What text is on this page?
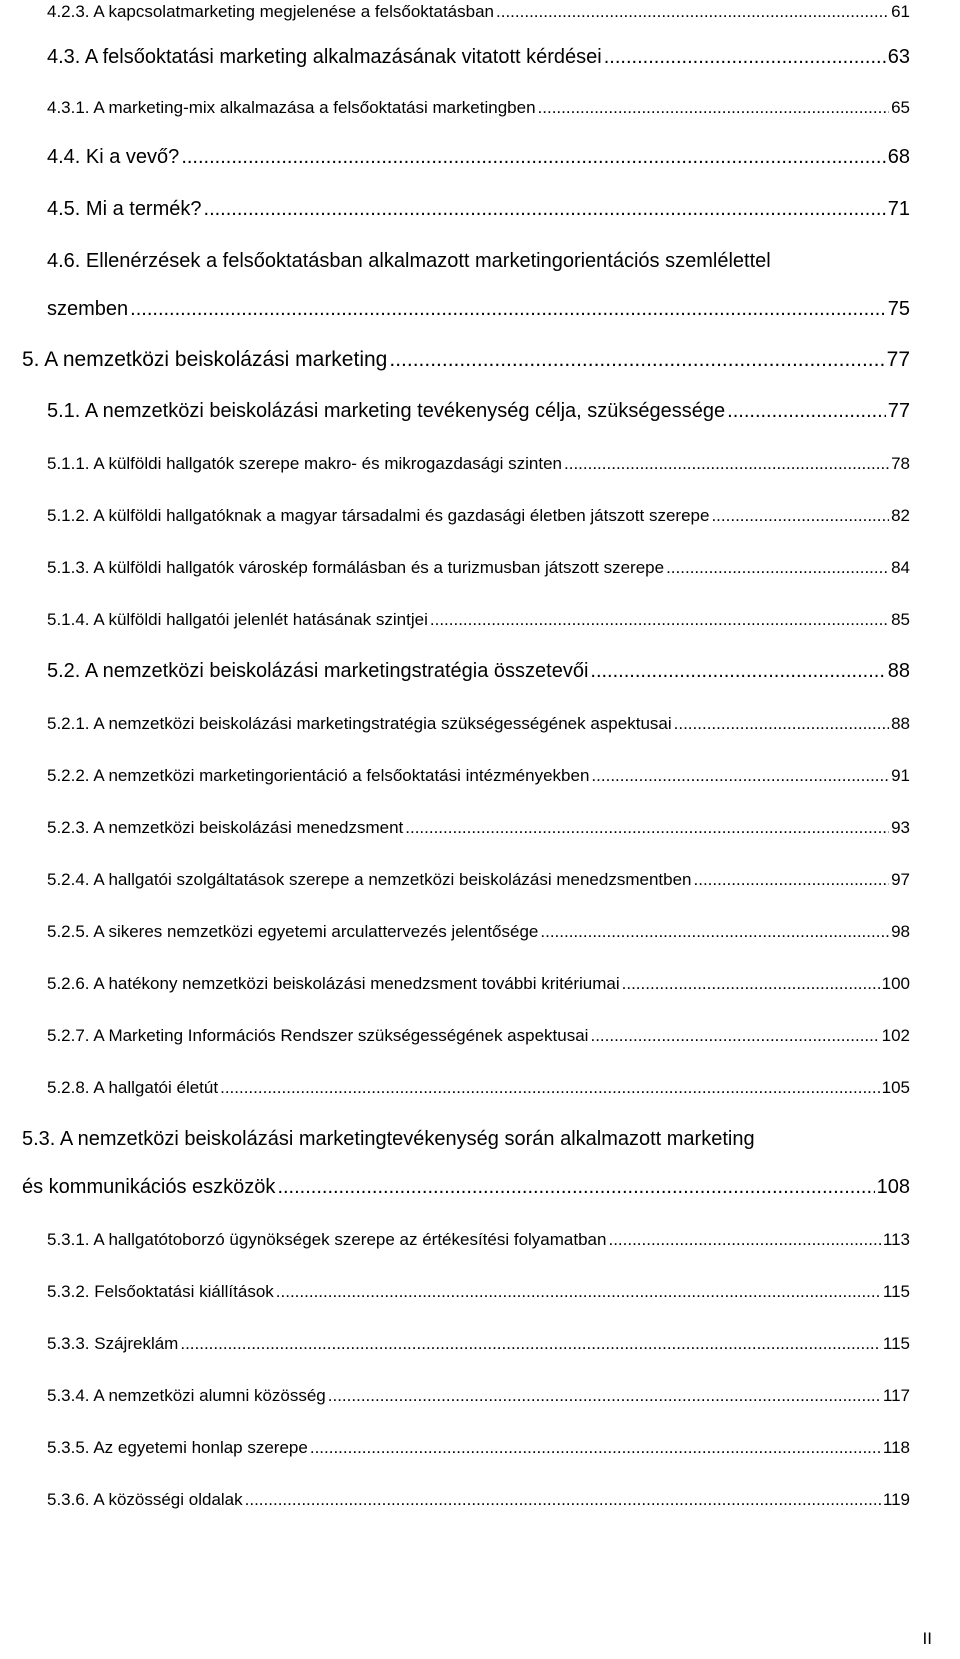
4.2.3. A kapcsolatmarketing megjelenése a felsőoktatásban .....	61
4.3. A felsőoktatási marketing alkalmazásának vitatott kérdései .....	63
4.3.1. A marketing-mix alkalmazása a felsőoktatási marketingben .....	65
4.4. Ki a vevő? .....	68
4.5. Mi a termék? .....	71
4.6. Ellenérzések a felsőoktatásban alkalmazott marketingorientációs szemlélettel
szemben .....	75
5. A nemzetközi beiskolázási marketing .....	77
5.1. A nemzetközi beiskolázási marketing tevékenység célja, szükségessége .....	77
5.1.1. A külföldi hallgatók szerepe makro- és mikrogazdasági szinten .....	78
5.1.2. A külföldi hallgatóknak a magyar társadalmi és gazdasági életben játszott szerepe .....	82
5.1.3. A külföldi hallgatók városkép formálásban és a turizmusban játszott szerepe .....	84
5.1.4. A külföldi hallgatói jelenlét hatásának szintjei .....	85
5.2. A nemzetközi beiskolázási marketingstratégia összetevői .....	88
5.2.1. A nemzetközi beiskolázási marketingstratégia szükségességének aspektusai .....	88
5.2.2. A nemzetközi marketingorientáció a felsőoktatási intézményekben .....	91
5.2.3. A nemzetközi beiskolázási menedzsment .....	93
5.2.4. A hallgatói szolgáltatások szerepe a nemzetközi beiskolázási menedzsmentben .....	97
5.2.5. A sikeres nemzetközi egyetemi arculattervezés jelentősége .....	98
5.2.6. A hatékony nemzetközi beiskolázási menedzsment további kritériumai .....	100
5.2.7. A Marketing Információs Rendszer szükségességének aspektusai .....	102
5.2.8. A hallgatói életút .....	105
5.3. A nemzetközi beiskolázási marketingtevékenység során alkalmazott marketing
és kommunikációs eszközök .....	108
5.3.1. A hallgatótoborzó ügynökségek szerepe az értékesítési folyamatban .....	113
5.3.2. Felsőoktatási kiállítások .....	115
5.3.3. Szájreklám .....	115
5.3.4. A nemzetközi alumni közösség .....	117
5.3.5. Az egyetemi honlap szerepe .....	118
5.3.6. A közösségi oldalak .....	119
II
